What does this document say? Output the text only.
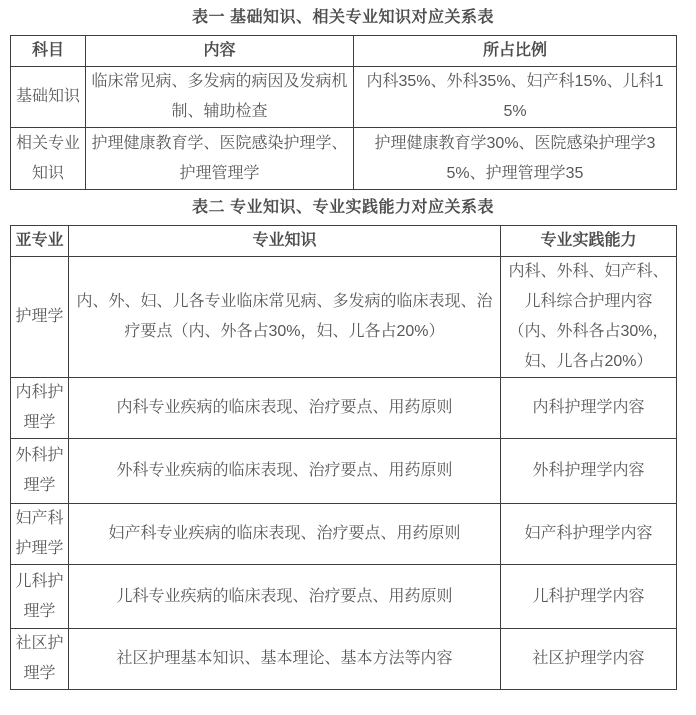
表一 基础知识、相关专业知识对应关系表
科目	内容	所占比例
基础知识	临床常见病、多发病的病因及发病机制、辅助检查	内科35%、外科35%、妇产科15%、儿科15%
相关专业知识	护理健康教育学、医院感染护理学、护理管理学	护理健康教育学30%、医院感染护理学35%、护理管理学35
表二 专业知识、专业实践能力对应关系表
亚专业	专业知识	专业实践能力
护理学	内、外、妇、儿各专业临床常见病、多发病的临床表现、治疗要点（内、外各占30%，妇、儿各占20%）	内科、外科、妇产科、儿科综合护理内容（内、外科各占30%，妇、儿各占20%）
内科护理学	内科专业疾病的临床表现、治疗要点、用药原则	内科护理学内容
外科护理学	外科专业疾病的临床表现、治疗要点、用药原则	外科护理学内容
妇产科护理学	妇产科专业疾病的临床表现、治疗要点、用药原则	妇产科护理学内容
儿科护理学	儿科专业疾病的临床表现、治疗要点、用药原则	儿科护理学内容
社区护理学	社区护理基本知识、基本理论、基本方法等内容	社区护理学内容
